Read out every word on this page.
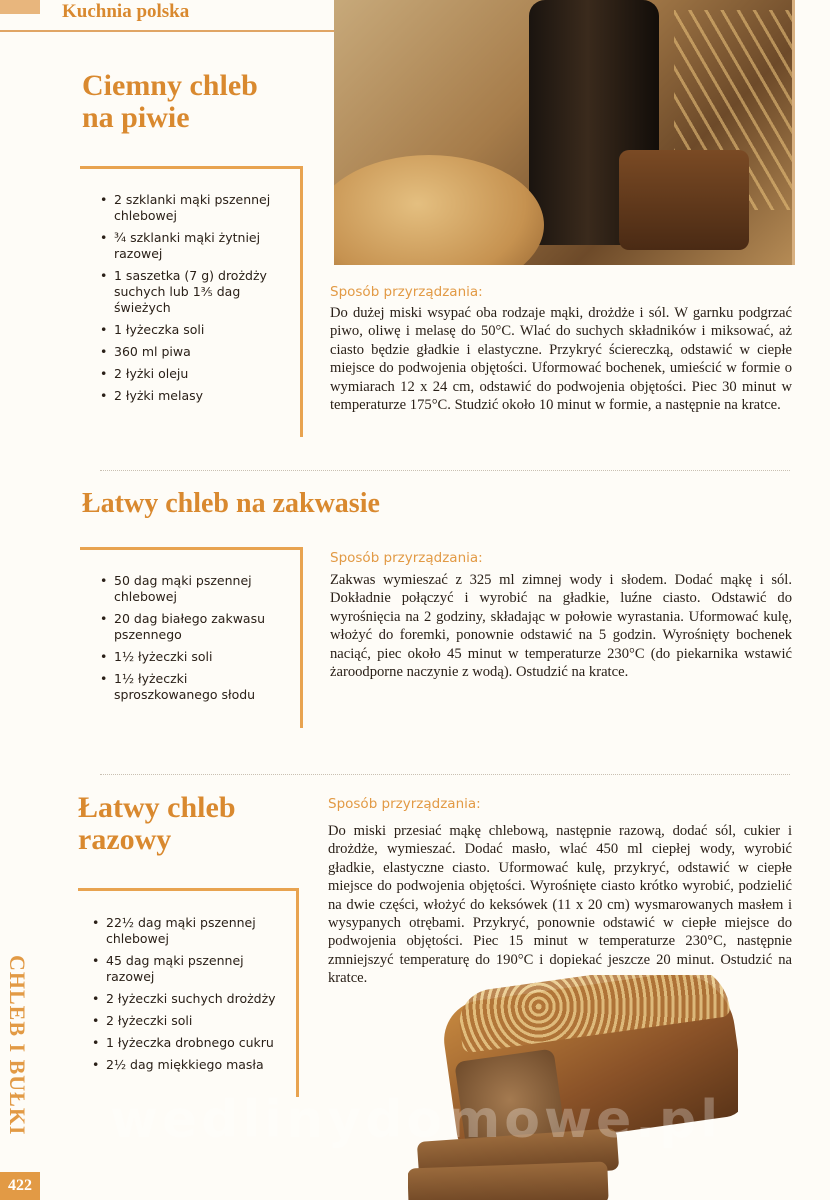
Kuchnia polska
Ciemny chleb
na piwie
• 2 szklanki mąki pszennej chlebowej
• ¾ szklanki mąki żytniej razowej
• 1 saszetka (7 g) drożdży suchych lub 1⅗ dag świeżych
• 1 łyżeczka soli
• 360 ml piwa
• 2 łyżki oleju
• 2 łyżki melasy
Sposób przyrządzania:
Do dużej miski wsypać oba rodzaje mąki, drożdże i sól. W garnku podgrzać piwo, oliwę i melasę do 50°C. Wlać do suchych składników i miksować, aż ciasto będzie gładkie i elastyczne. Przykryć ściereczką, odstawić w ciepłe miejsce do podwojenia objętości. Uformować bochenek, umieścić w formie o wymiarach 12 x 24 cm, odstawić do podwojenia objętości. Piec 30 minut w temperaturze 175°C. Studzić około 10 minut w formie, a następnie na kratce.
Łatwy chleb na zakwasie
• 50 dag mąki pszennej chlebowej
• 20 dag białego zakwasu pszennego
• 1½ łyżeczki soli
• 1½ łyżeczki sproszkowanego słodu
Sposób przyrządzania:
Zakwas wymieszać z 325 ml zimnej wody i słodem. Dodać mąkę i sól. Dokładnie połączyć i wyrobić na gładkie, luźne ciasto. Odstawić do wyrośnięcia na 2 godziny, składając w połowie wyrastania. Uformować kulę, włożyć do foremki, ponownie odstawić na 5 godzin. Wyrośnięty bochenek naciąć, piec około 45 minut w temperaturze 230°C (do piekarnika wstawić żaroodporne naczynie z wodą). Ostudzić na kratce.
Łatwy chleb
razowy
• 22½ dag mąki pszennej chlebowej
• 45 dag mąki pszennej razowej
• 2 łyżeczki suchych drożdży
• 2 łyżeczki soli
• 1 łyżeczka drobnego cukru
• 2½ dag miękkiego masła
Sposób przyrządzania:
Do miski przesiać mąkę chlebową, następnie razową, dodać sól, cukier i drożdże, wymieszać. Dodać masło, wlać 450 ml ciepłej wody, wyrobić gładkie, elastyczne ciasto. Uformować kulę, przykryć, odstawić w ciepłe miejsce do podwojenia objętości. Wyrośnięte ciasto krótko wyrobić, podzielić na dwie części, włożyć do keksówek (11 x 20 cm) wysmarowanych masłem i wysypanych otrębami. Przykryć, ponownie odstawić w ciepłe miejsce do podwojenia objętości. Piec 15 minut w temperaturze 230°C, następnie zmniejszyć temperaturę do 190°C i dopiekać jeszcze 20 minut. Ostudzić na kratce.
wedlinydomowe.pl
CHLEB I BUŁKI
422
